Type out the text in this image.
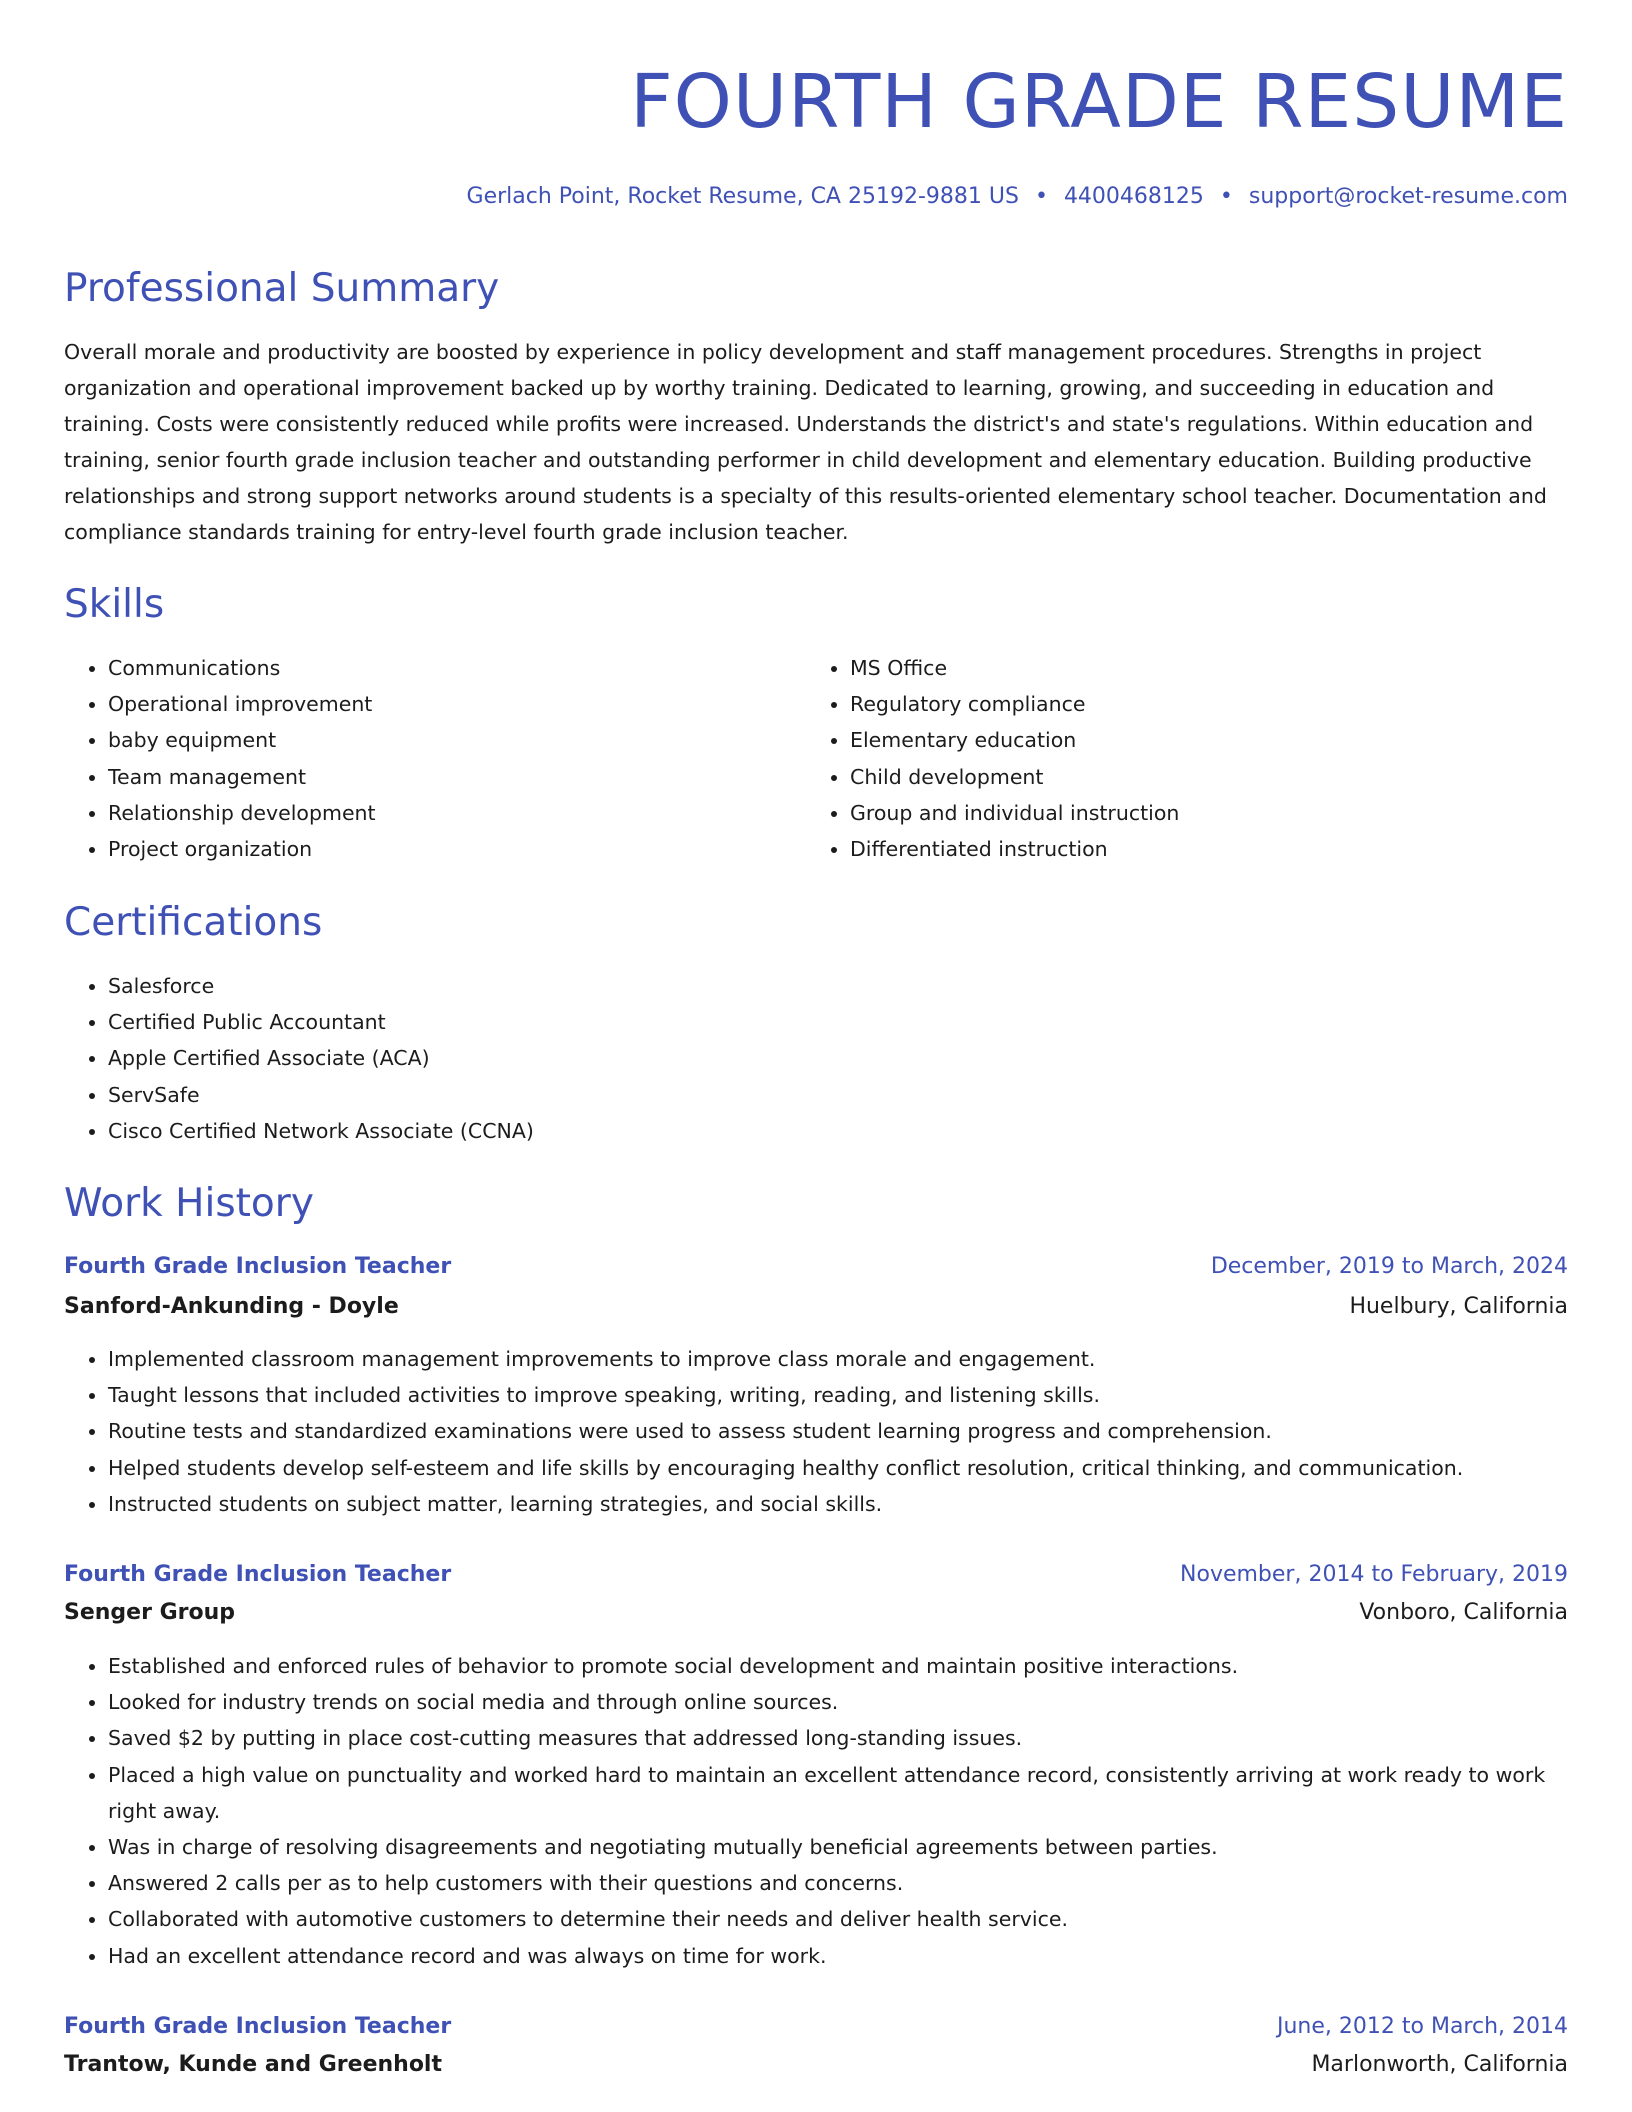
FOURTH GRADE RESUME
Gerlach Point, Rocket Resume, CA 25192-9881 US • 4400468125 • support@rocket-resume.com
Professional Summary

Overall morale and productivity are boosted by experience in policy development and staff management procedures. Strengths in project organization and operational improvement backed up by worthy training. Dedicated to learning, growing, and succeeding in education and training. Costs were consistently reduced while profits were increased. Understands the district's and state's regulations. Within education and training, senior fourth grade inclusion teacher and outstanding performer in child development and elementary education. Building productive relationships and strong support networks around students is a specialty of this results-oriented elementary school teacher. Documentation and compliance standards training for entry-level fourth grade inclusion teacher.

Skills
• Communications
• Operational improvement
• baby equipment
• Team management
• Relationship development
• Project organization
• MS Office
• Regulatory compliance
• Elementary education
• Child development
• Group and individual instruction
• Differentiated instruction
Certifications
• Salesforce
• Certified Public Accountant
• Apple Certified Associate (ACA)
• ServSafe
• Cisco Certified Network Associate (CCNA)
Work History
Fourth Grade Inclusion Teacher	December, 2019 to March, 2024
Sanford-Ankunding - Doyle	Huelbury, California
• Implemented classroom management improvements to improve class morale and engagement.
• Taught lessons that included activities to improve speaking, writing, reading, and listening skills.
• Routine tests and standardized examinations were used to assess student learning progress and comprehension.
• Helped students develop self-esteem and life skills by encouraging healthy conflict resolution, critical thinking, and communication.
• Instructed students on subject matter, learning strategies, and social skills.
Fourth Grade Inclusion Teacher	November, 2014 to February, 2019
Senger Group	Vonboro, California
• Established and enforced rules of behavior to promote social development and maintain positive interactions.
• Looked for industry trends on social media and through online sources.
• Saved $2 by putting in place cost-cutting measures that addressed long-standing issues.
• Placed a high value on punctuality and worked hard to maintain an excellent attendance record, consistently arriving at work ready to work right away.
• Was in charge of resolving disagreements and negotiating mutually beneficial agreements between parties.
• Answered 2 calls per as to help customers with their questions and concerns.
• Collaborated with automotive customers to determine their needs and deliver health service.
• Had an excellent attendance record and was always on time for work.
Fourth Grade Inclusion Teacher	June, 2012 to March, 2014
Trantow, Kunde and Greenholt	Marlonworth, California
